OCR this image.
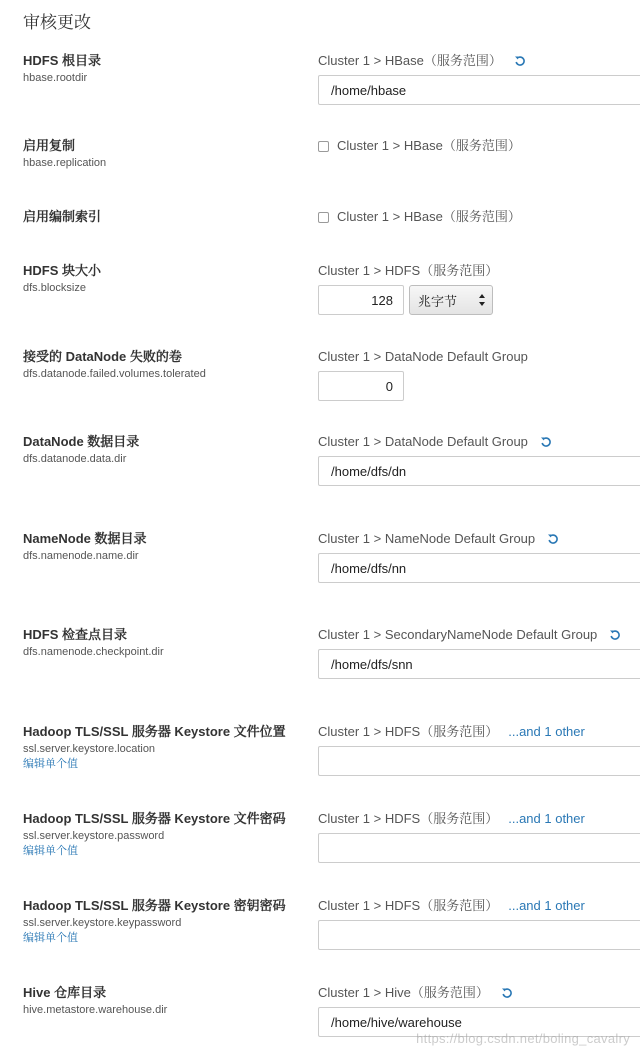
审核更改
HDFS 根目录
hbase.rootdir
Cluster 1 > HBase（服务范围）
/home/hbase
启用复制
hbase.replication
Cluster 1 > HBase（服务范围）
启用编制索引	Cluster 1 > HBase（服务范围）
HDFS 块大小
dfs.blocksize
Cluster 1 > HDFS（服务范围）
128
兆字节
接受的 DataNode 失败的卷
dfs.datanode.failed.volumes.tolerated
Cluster 1 > DataNode Default Group
0
DataNode 数据目录
dfs.datanode.data.dir
Cluster 1 > DataNode Default Group
/home/dfs/dn
NameNode 数据目录
dfs.namenode.name.dir
Cluster 1 > NameNode Default Group
/home/dfs/nn
HDFS 检查点目录
dfs.namenode.checkpoint.dir
Cluster 1 > SecondaryNameNode Default Group
/home/dfs/snn
Hadoop TLS/SSL 服务器 Keystore 文件位置
ssl.server.keystore.location
编辑单个值
Cluster 1 > HDFS（服务范围） ...and 1 other
Hadoop TLS/SSL 服务器 Keystore 文件密码
ssl.server.keystore.password
编辑单个值
Cluster 1 > HDFS（服务范围） ...and 1 other
Hadoop TLS/SSL 服务器 Keystore 密钥密码
ssl.server.keystore.keypassword
编辑单个值
Cluster 1 > HDFS（服务范围） ...and 1 other
Hive 仓库目录
hive.metastore.warehouse.dir
Cluster 1 > Hive（服务范围）
/home/hive/warehouse
https://blog.csdn.net/boling_cavalry
